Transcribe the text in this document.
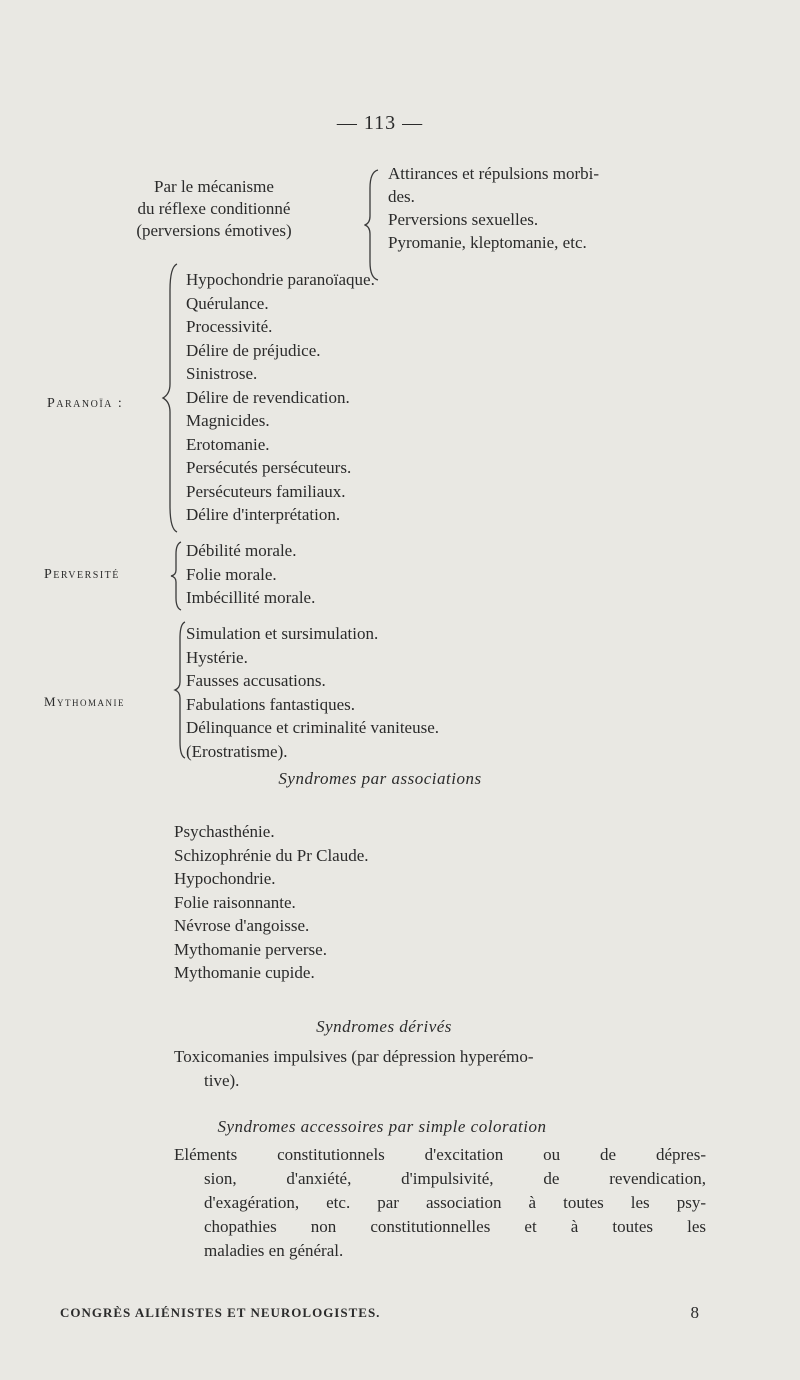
— 113 —
Par le mécanisme
du réflexe conditionné
(perversions émotives)
Attirances et répulsions morbi-
des.
Perversions sexuelles.
Pyromanie, kleptomanie, etc.
Paranoïa :
Hypochondrie paranoïaque.
Quérulance.
Processivité.
Délire de préjudice.
Sinistrose.
Délire de revendication.
Magnicides.
Erotomanie.
Persécutés persécuteurs.
Persécuteurs familiaux.
Délire d'interprétation.
Perversité
Débilité morale.
Folie morale.
Imbécillité morale.
Mythomanie
Simulation et sursimulation.
Hystérie.
Fausses accusations.
Fabulations fantastiques.
Délinquance et criminalité vaniteuse.
(Erostratisme).
Syndromes par associations
Psychasthénie.
Schizophrénie du Pr Claude.
Hypochondrie.
Folie raisonnante.
Névrose d'angoisse.
Mythomanie perverse.
Mythomanie cupide.
Syndromes dérivés
Toxicomanies impulsives (par dépression hyperémo-
tive).
Syndromes accessoires par simple coloration
Eléments constitutionnels d'excitation ou de dépres-
sion, d'anxiété, d'impulsivité, de revendication,
d'exagération, etc. par association à toutes les psy-
chopathies non constitutionnelles et à toutes les
maladies en général.
CONGRÈS ALIÉNISTES ET NEUROLOGISTES.	8
